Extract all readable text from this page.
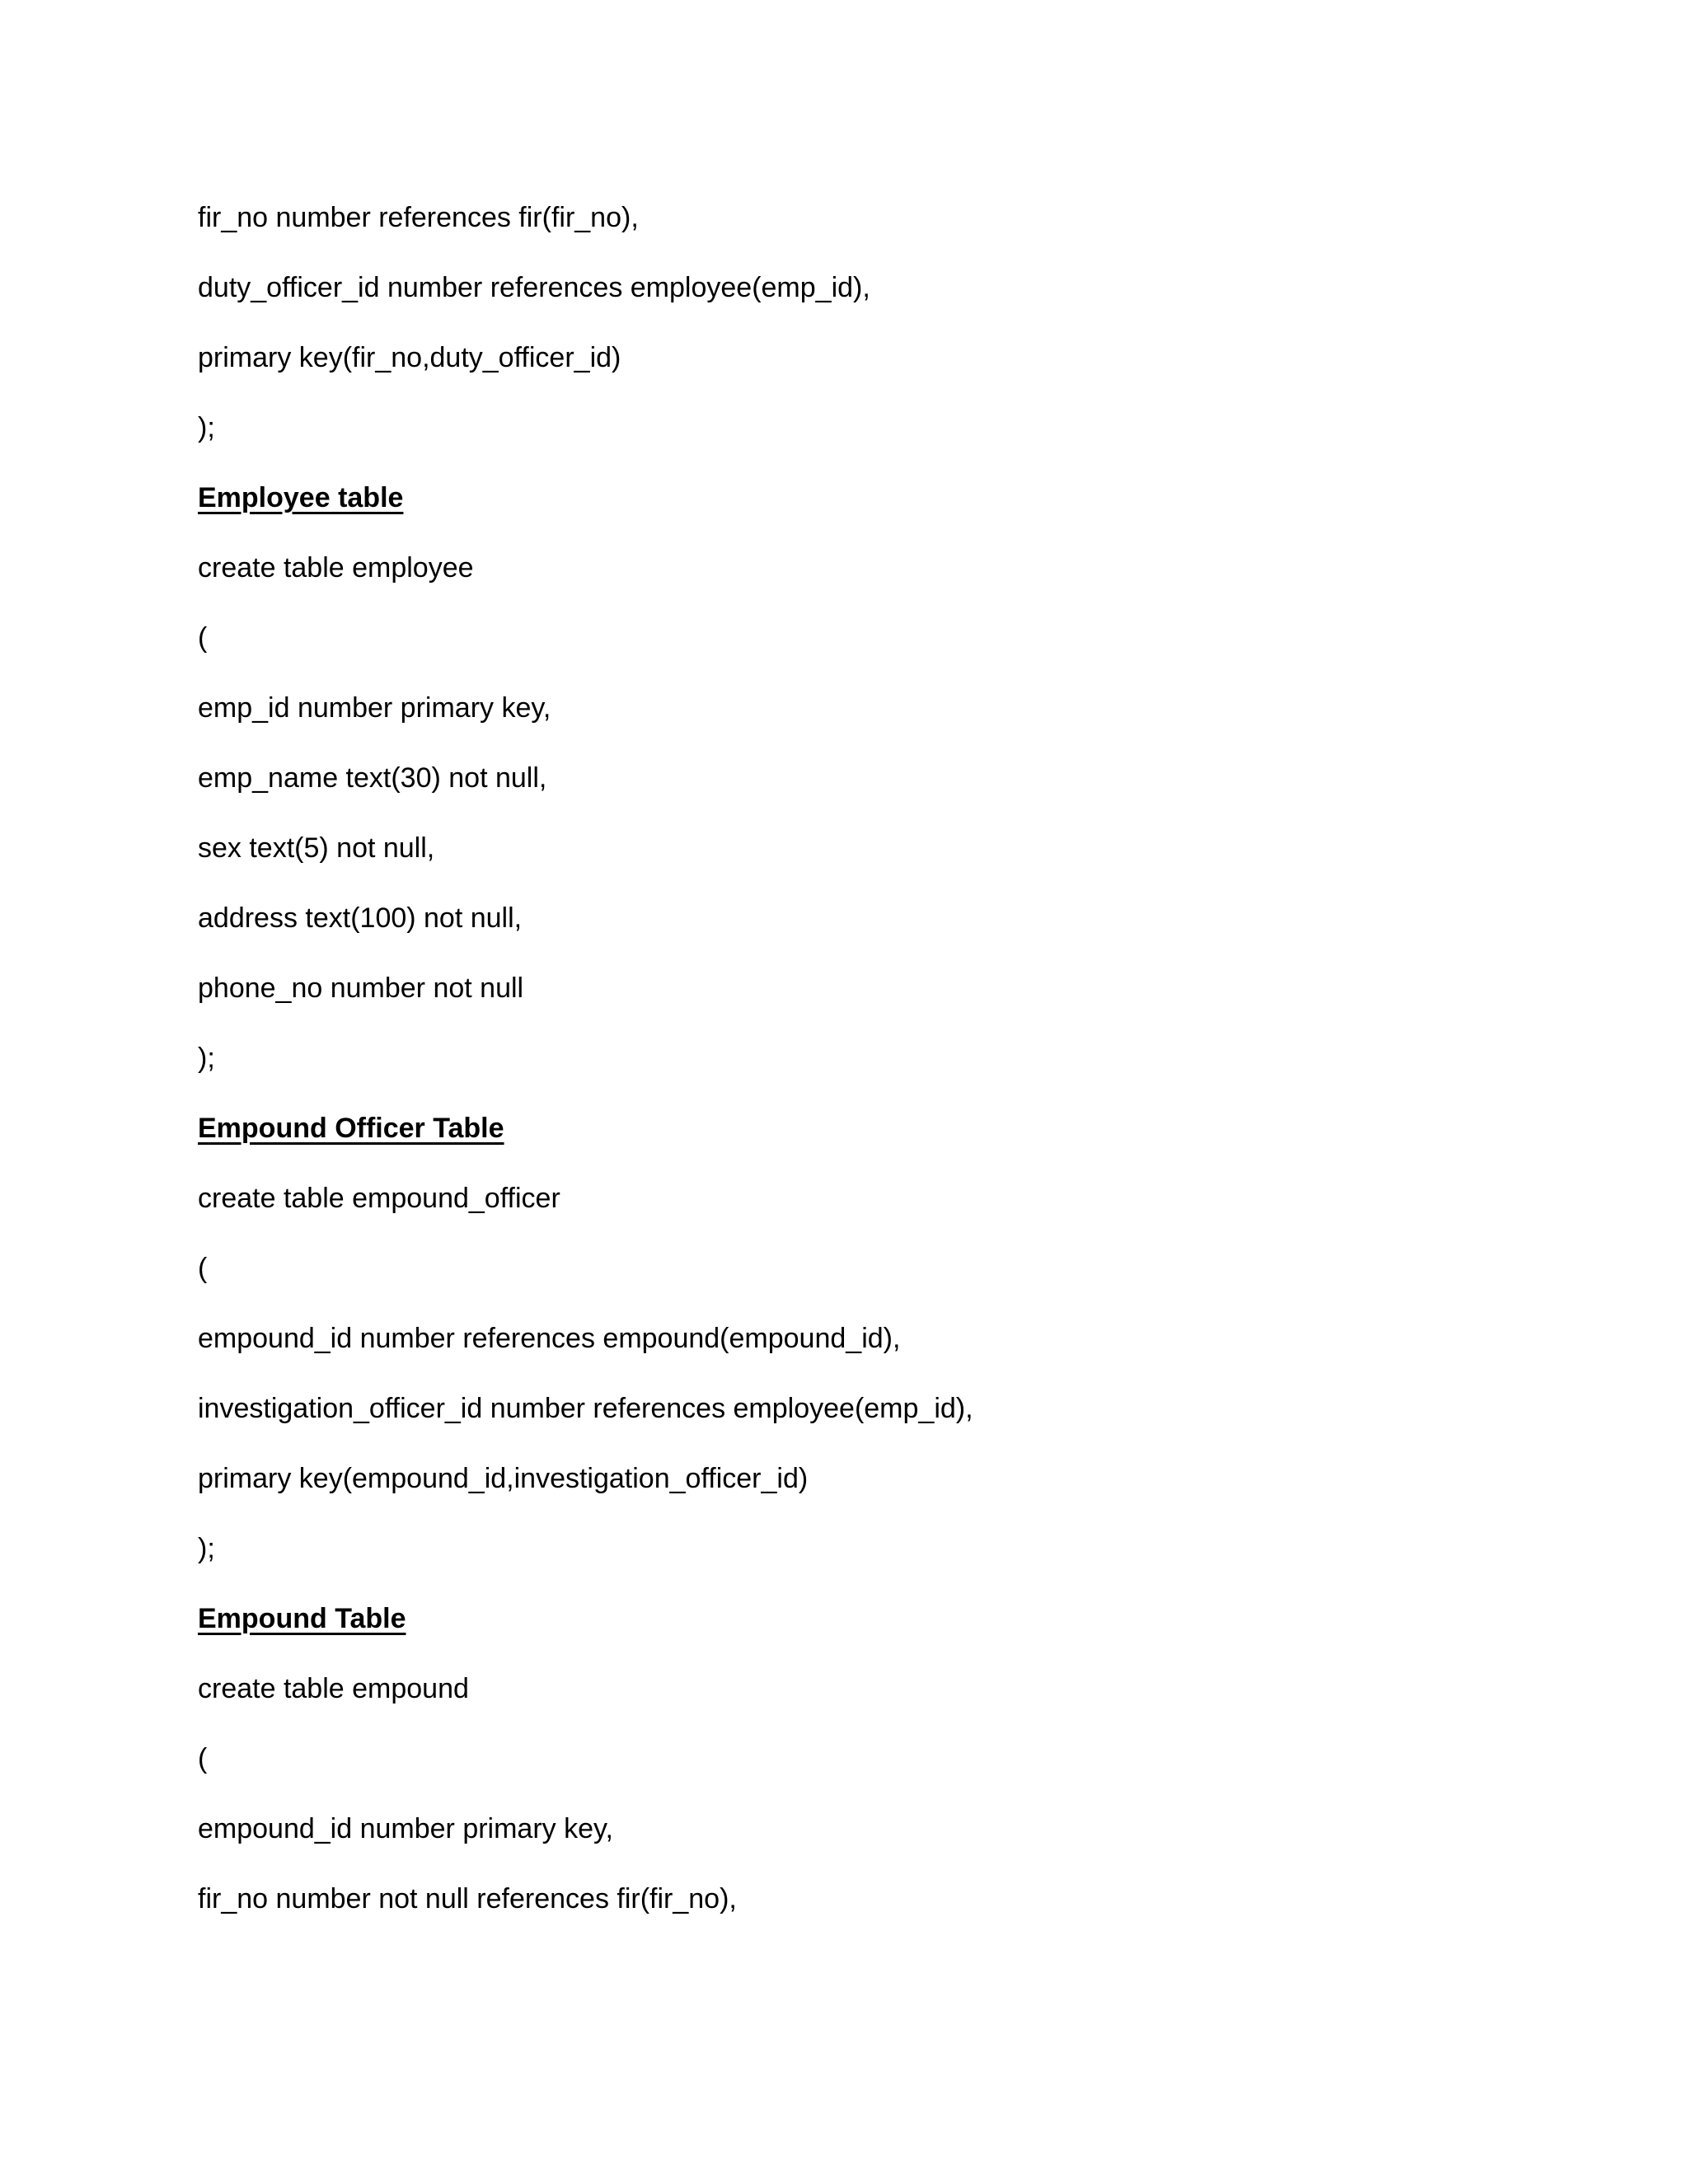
fir_no number references fir(fir_no),
duty_officer_id number references employee(emp_id),
primary key(fir_no,duty_officer_id)
);
Employee table
create table employee
(
emp_id number primary key,
emp_name text(30) not null,
sex text(5) not null,
address text(100) not null,
phone_no number not null
);
Empound Officer Table
create table empound_officer
(
empound_id number references empound(empound_id),
investigation_officer_id number references employee(emp_id),
primary key(empound_id,investigation_officer_id)
);
Empound Table
create table empound
(
empound_id number primary key,
fir_no number not null references fir(fir_no),
